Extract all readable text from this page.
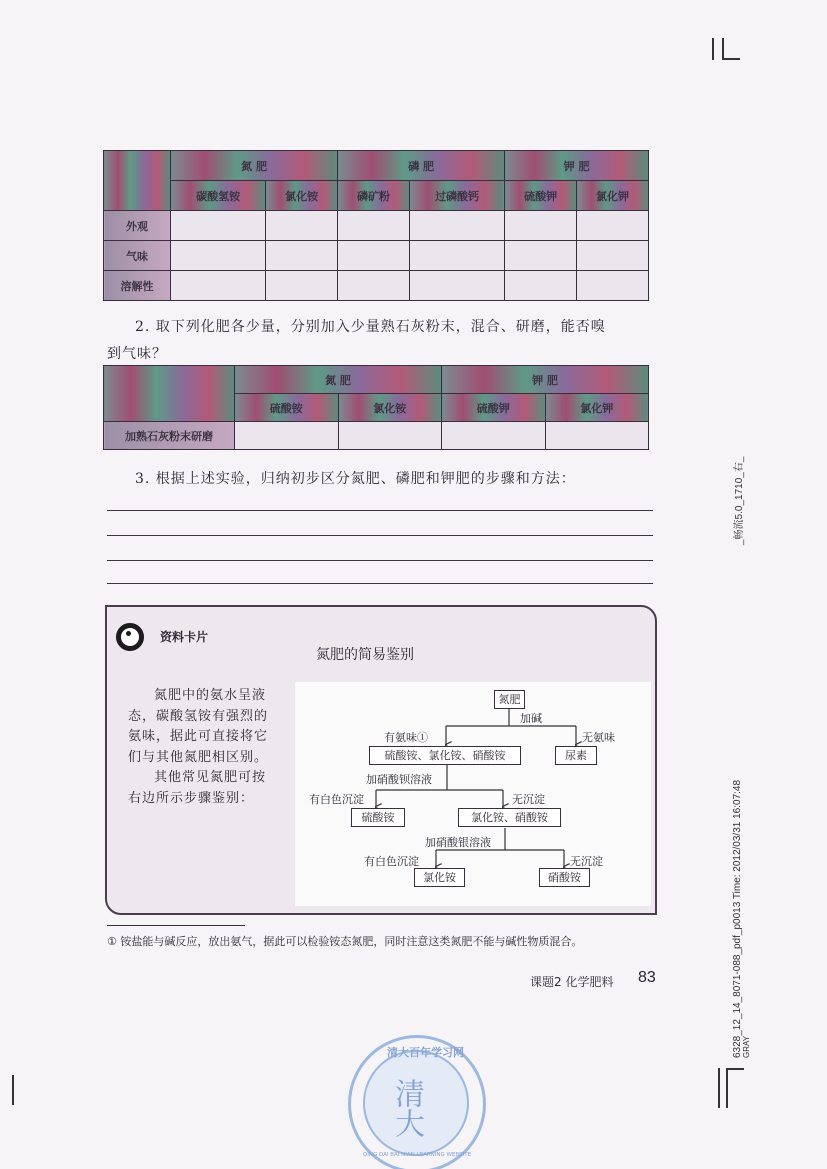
	氮 肥		磷 肥		钾 肥	
	碳酸氢铵	氯化铵	磷矿粉	过磷酸钙	硫酸钾	氯化钾
外观						
气味						
溶解性						
2. 取下列化肥各少量，分别加入少量熟石灰粉末，混合、研磨，能否嗅
到气味？
	氮 肥		钾 肥	
	硫酸铵	氯化铵	硫酸钾	氯化钾
加熟石灰粉末研磨				
3. 根据上述实验，归纳初步区分氮肥、磷肥和钾肥的步骤和方法：
资料卡片
氮肥的简易鉴别
氮肥中的氨水呈液
态，碳酸氢铵有强烈的
氨味，据此可直接将它
们与其他氮肥相区别。
其他常见氮肥可按
右边所示步骤鉴别：
氮肥
加碱
有氨味①	无氨味
硫酸铵、氯化铵、硝酸铵	尿素
加硝酸钡溶液
有白色沉淀	无沉淀
硫酸铵	氯化铵、硝酸铵
加硝酸银溶液
有白色沉淀	无沉淀
氯化铵	硝酸铵
① 铵盐能与碱反应，放出氨气，据此可以检验铵态氮肥，同时注意这类氮肥不能与碱性物质混合。
课题2 化学肥料 83
_畅流5.0_1710_右_
6328_12_14_8071-088_pdf_p0013 Time: 2012/03/31 16:07:48 GRAY
清大百年学习网
清大
QING DAI BAI NIAN LEARNING WEBSITE
